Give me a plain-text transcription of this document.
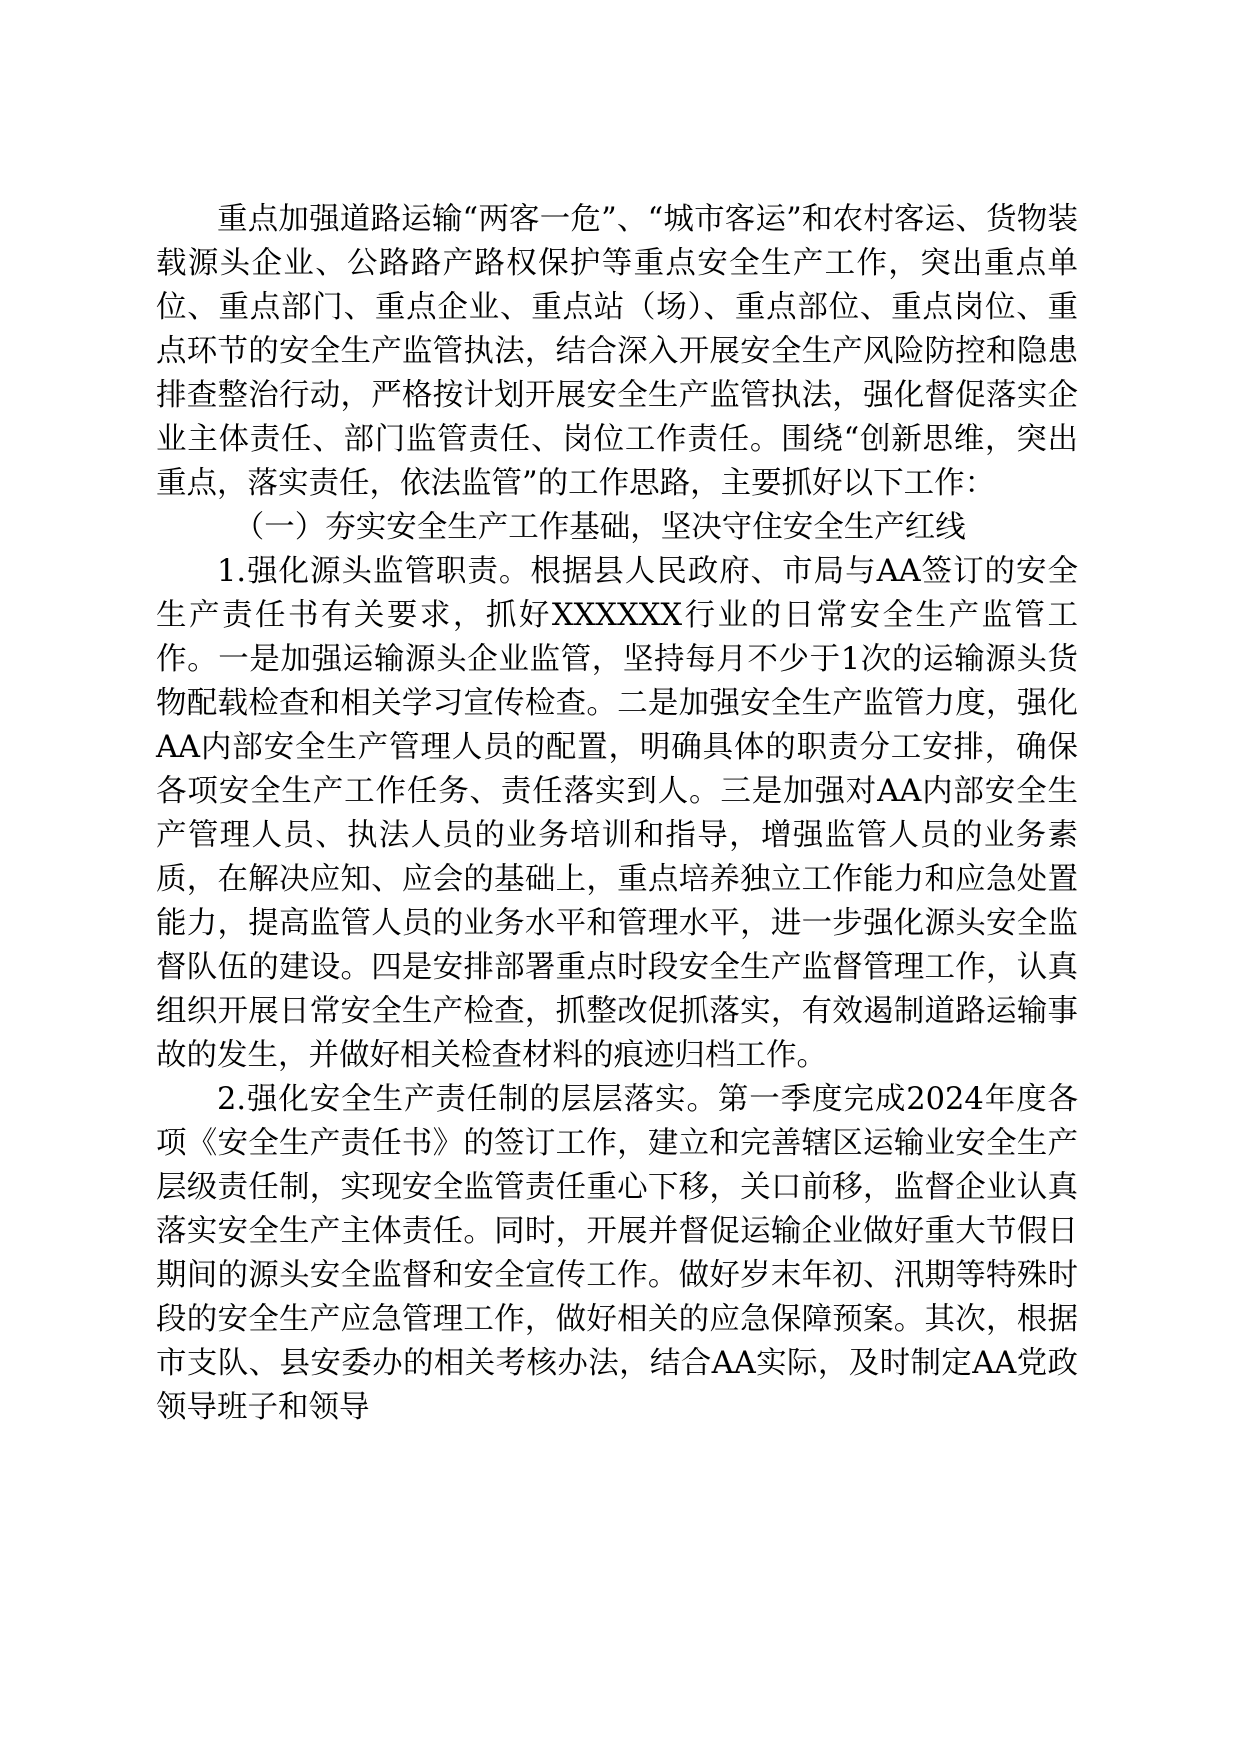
重点加强道路运输“两客一危”、“城市客运”和农村客运、货物装载源头企业、公路路产路权保护等重点安全生产工作，突出重点单位、重点部门、重点企业、重点站（场）、重点部位、重点岗位、重点环节的安全生产监管执法，结合深入开展安全生产风险防控和隐患排查整治行动，严格按计划开展安全生产监管执法，强化督促落实企业主体责任、部门监管责任、岗位工作责任。围绕“创新思维，突出重点，落实责任，依法监管”的工作思路，主要抓好以下工作：

（一）夯实安全生产工作基础，坚决守住安全生产红线

1.强化源头监管职责。根据县人民政府、市局与AA签订的安全生产责任书有关要求，抓好XXXXXX行业的日常安全生产监管工作。一是加强运输源头企业监管，坚持每月不少于1次的运输源头货物配载检查和相关学习宣传检查。二是加强安全生产监管力度，强化AA内部安全生产管理人员的配置，明确具体的职责分工安排，确保各项安全生产工作任务、责任落实到人。三是加强对AA内部安全生产管理人员、执法人员的业务培训和指导，增强监管人员的业务素质，在解决应知、应会的基础上，重点培养独立工作能力和应急处置能力，提高监管人员的业务水平和管理水平，进一步强化源头安全监督队伍的建设。四是安排部署重点时段安全生产监督管理工作，认真组织开展日常安全生产检查，抓整改促抓落实，有效遏制道路运输事故的发生，并做好相关检查材料的痕迹归档工作。

2.强化安全生产责任制的层层落实。第一季度完成2024年度各项《安全生产责任书》的签订工作，建立和完善辖区运输业安全生产层级责任制，实现安全监管责任重心下移，关口前移，监督企业认真落实安全生产主体责任。同时，开展并督促运输企业做好重大节假日期间的源头安全监督和安全宣传工作。做好岁末年初、汛期等特殊时段的安全生产应急管理工作，做好相关的应急保障预案。其次，根据市支队、县安委办的相关考核办法，结合AA实际，及时制定AA党政领导班子和领导
